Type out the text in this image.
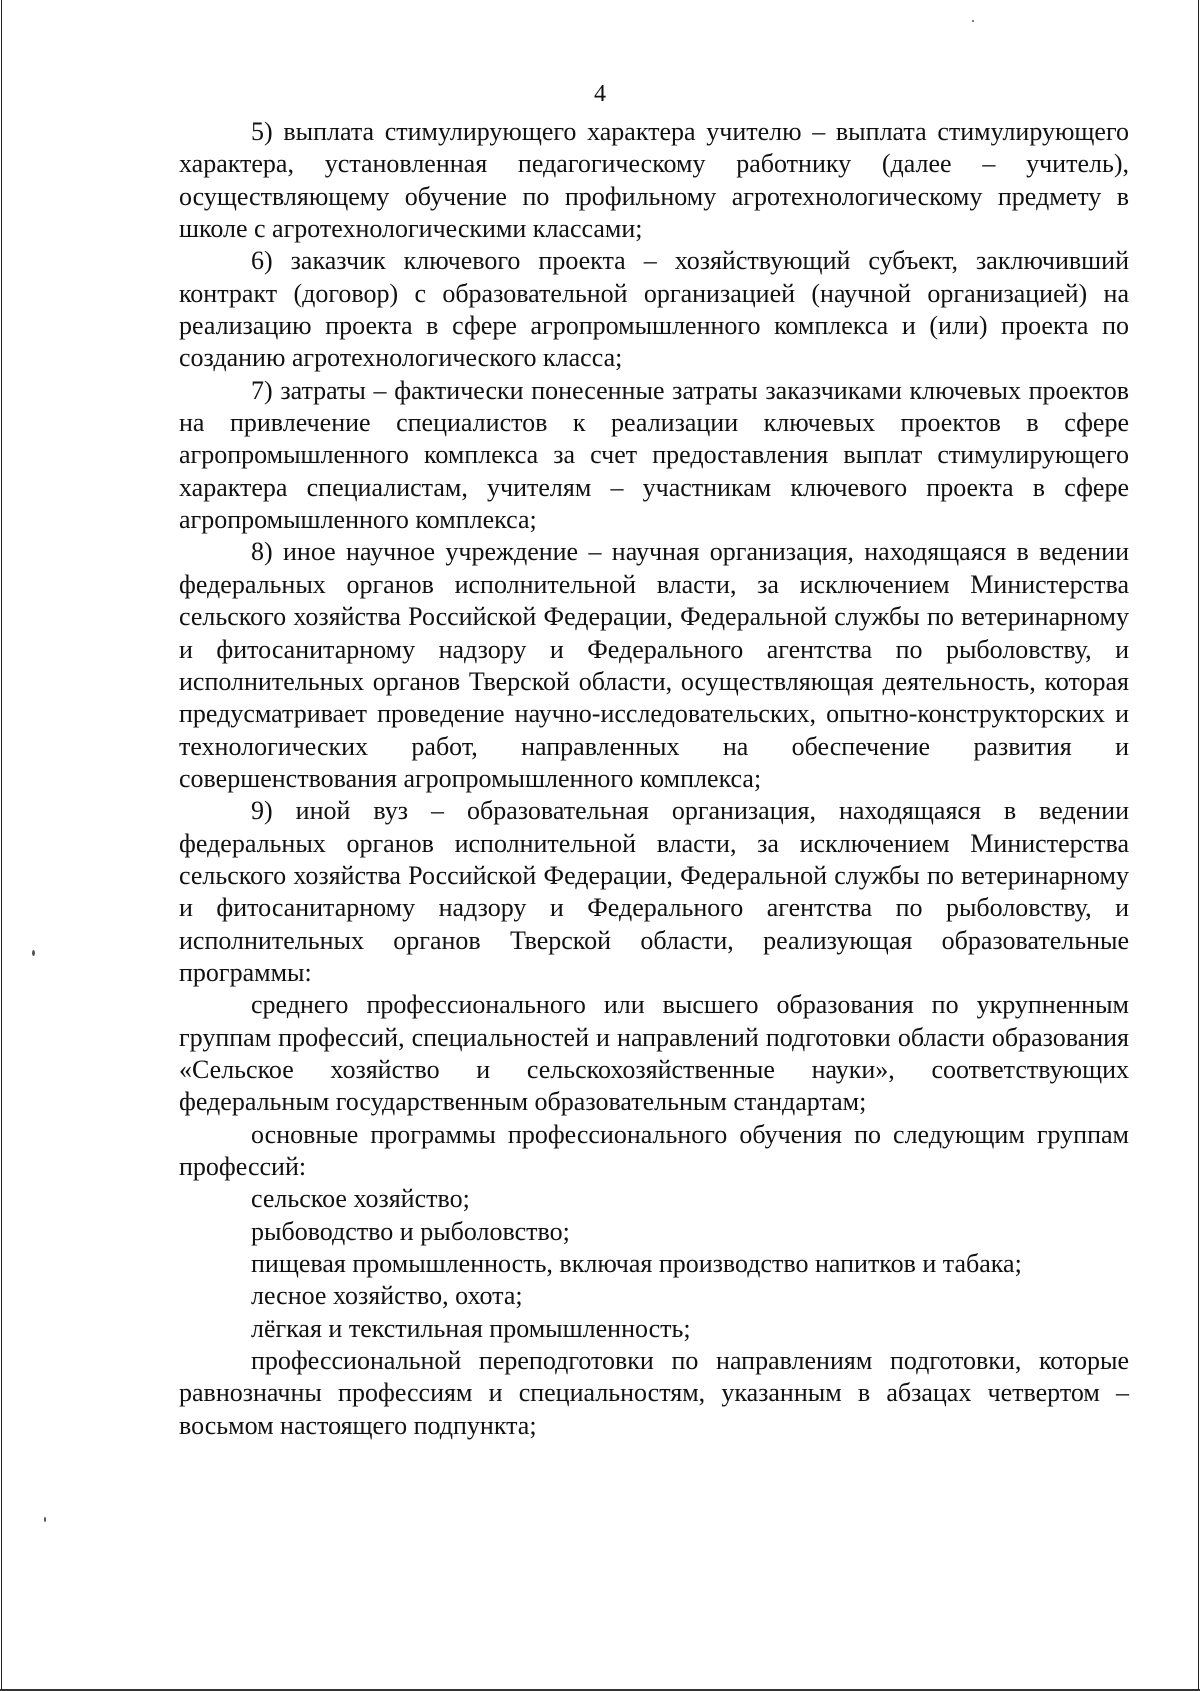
4

5) выплата стимулирующего характера учителю – выплата стимулирующего характера, установленная педагогическому работнику (далее – учитель), осуществляющему обучение по профильному агротехнологическому предмету в школе с агротехнологическими классами;

6) заказчик ключевого проекта – хозяйствующий субъект, заключивший контракт (договор) с образовательной организацией (научной организацией) на реализацию проекта в сфере агропромышленного комплекса и (или) проекта по созданию агротехнологического класса;

7) затраты – фактически понесенные затраты заказчиками ключевых проектов на привлечение специалистов к реализации ключевых проектов в сфере агропромышленного комплекса за счет предоставления выплат стимулирующего характера специалистам, учителям – участникам ключевого проекта в сфере агропромышленного комплекса;

8) иное научное учреждение – научная организация, находящаяся в ведении федеральных органов исполнительной власти, за исключением Министерства сельского хозяйства Российской Федерации, Федеральной службы по ветеринарному и фитосанитарному надзору и Федерального агентства по рыболовству, и исполнительных органов Тверской области, осуществляющая деятельность, которая предусматривает проведение научно-исследовательских, опытно-конструкторских и технологических работ, направленных на обеспечение развития и совершенствования агропромышленного комплекса;

9) иной вуз – образовательная организация, находящаяся в ведении федеральных органов исполнительной власти, за исключением Министерства сельского хозяйства Российской Федерации, Федеральной службы по ветеринарному и фитосанитарному надзору и Федерального агентства по рыболовству, и исполнительных органов Тверской области, реализующая образовательные программы:

среднего профессионального или высшего образования по укрупненным группам профессий, специальностей и направлений подготовки области образования «Сельское хозяйство и сельскохозяйственные науки», соответствующих федеральным государственным образовательным стандартам;

основные программы профессионального обучения по следующим группам профессий:

сельское хозяйство;

рыбоводство и рыболовство;

пищевая промышленность, включая производство напитков и табака;

лесное хозяйство, охота;

лёгкая и текстильная промышленность;

профессиональной переподготовки по направлениям подготовки, которые равнозначны профессиям и специальностям, указанным в абзацах четвертом – восьмом настоящего подпункта;
